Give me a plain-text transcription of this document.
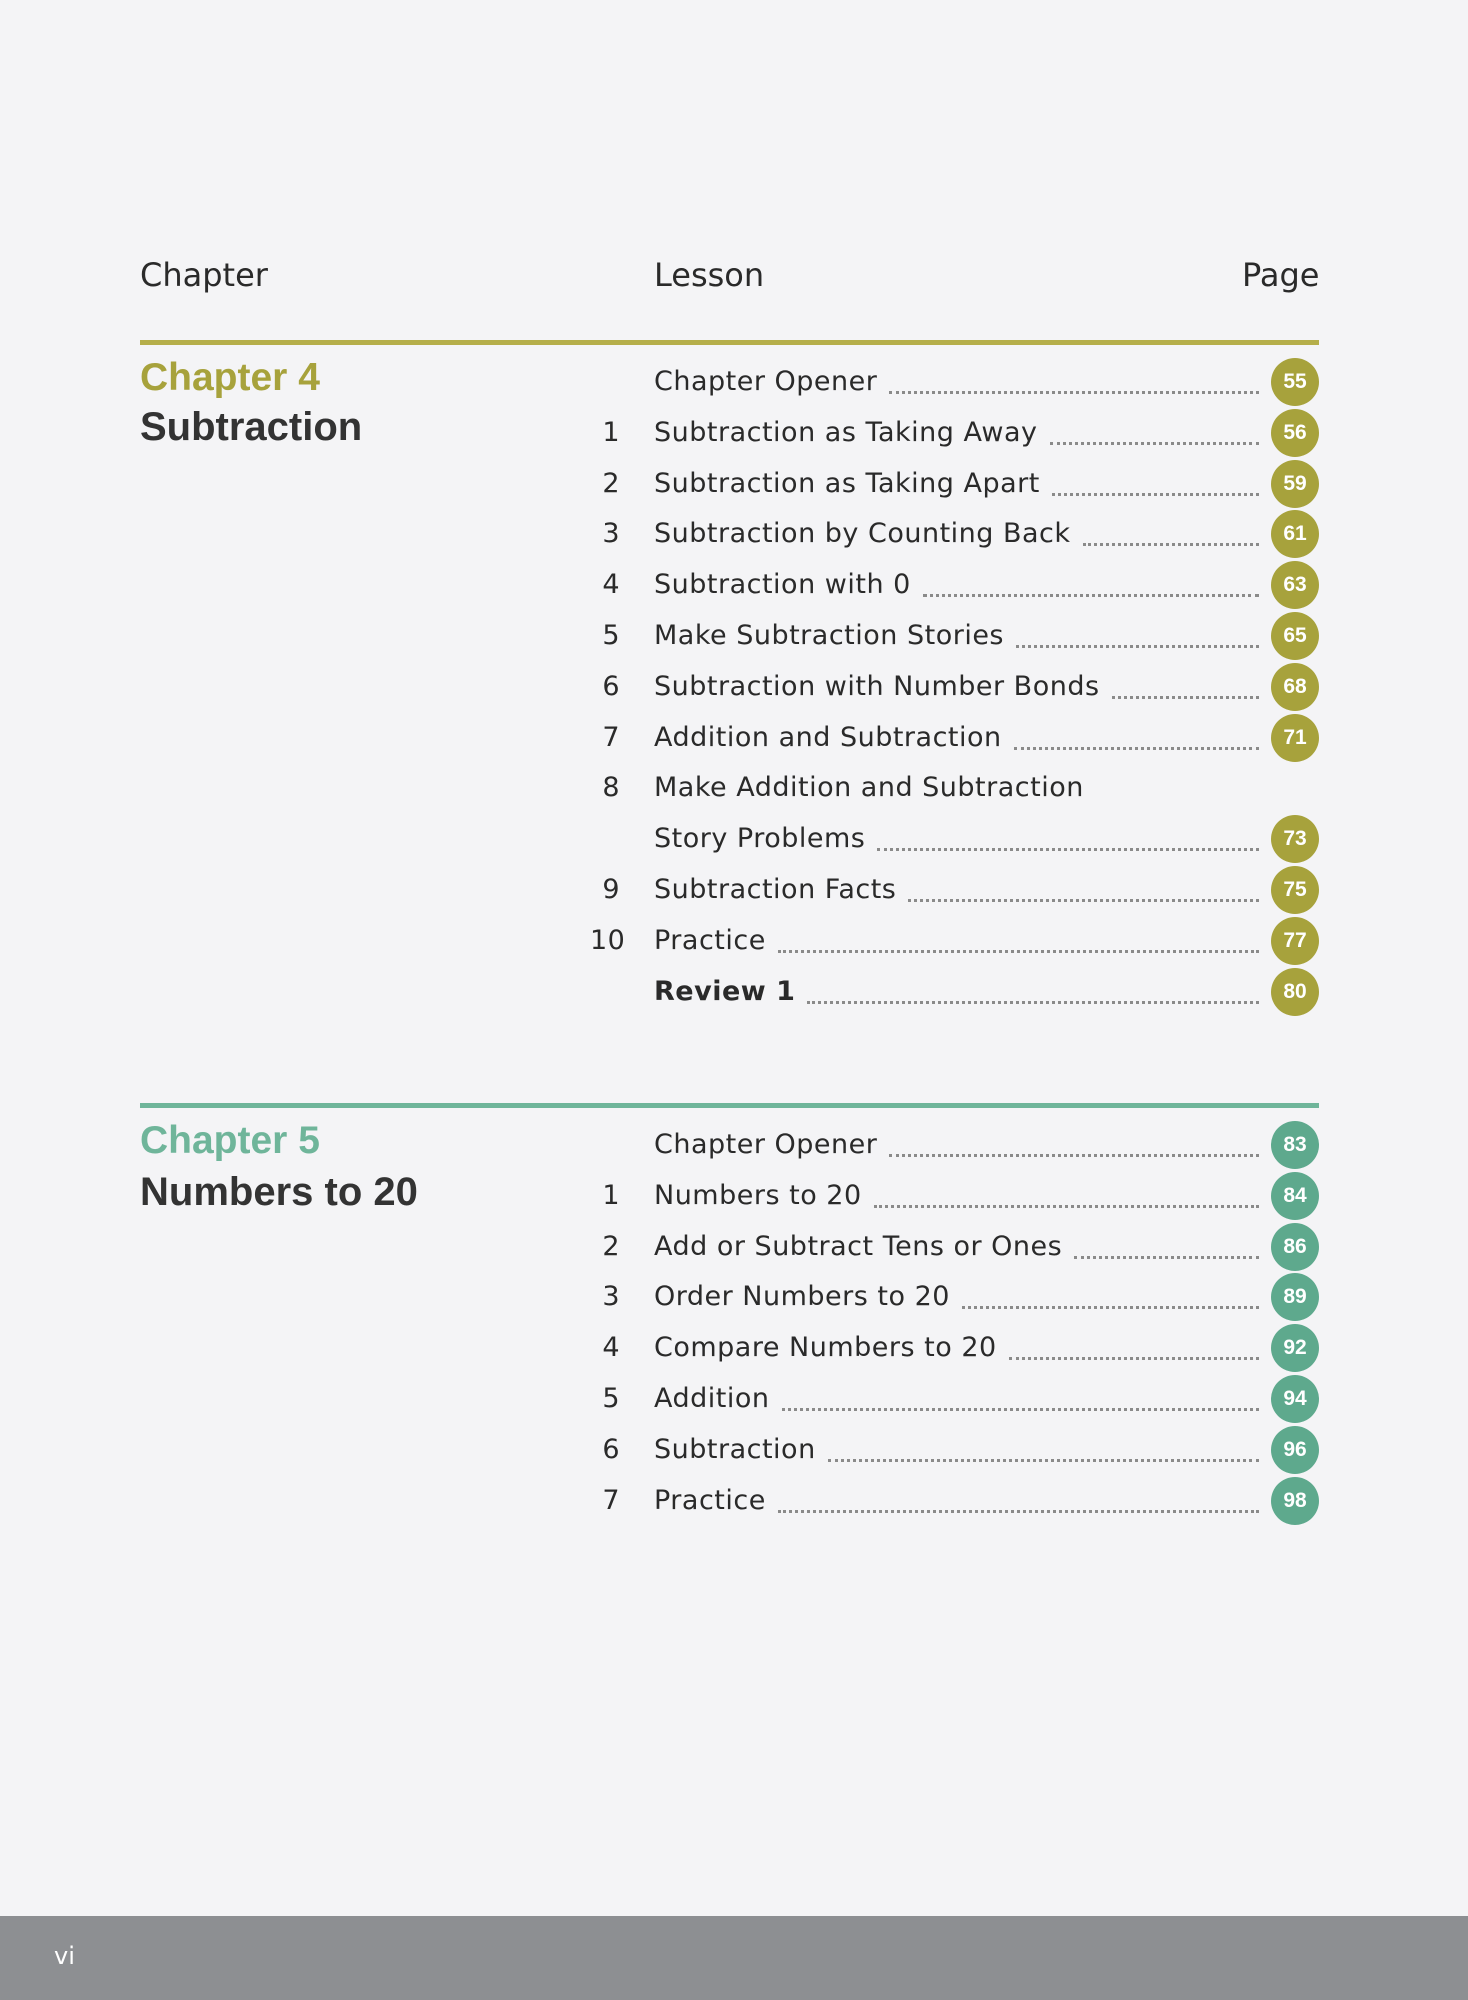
Chapter	Lesson	Page
Chapter 4
Subtraction
Chapter Opener	55
1 Subtraction as Taking Away	56
2 Subtraction as Taking Apart	59
3 Subtraction by Counting Back	61
4 Subtraction with 0	63
5 Make Subtraction Stories	65
6 Subtraction with Number Bonds	68
7 Addition and Subtraction	71
8 Make Addition and Subtraction
Story Problems	73
9 Subtraction Facts	75
10 Practice	77
Review 1	80
Chapter 5
Numbers to 20
Chapter Opener	83
1 Numbers to 20	84
2 Add or Subtract Tens or Ones	86
3 Order Numbers to 20	89
4 Compare Numbers to 20	92
5 Addition	94
6 Subtraction	96
7 Practice	98
vi
